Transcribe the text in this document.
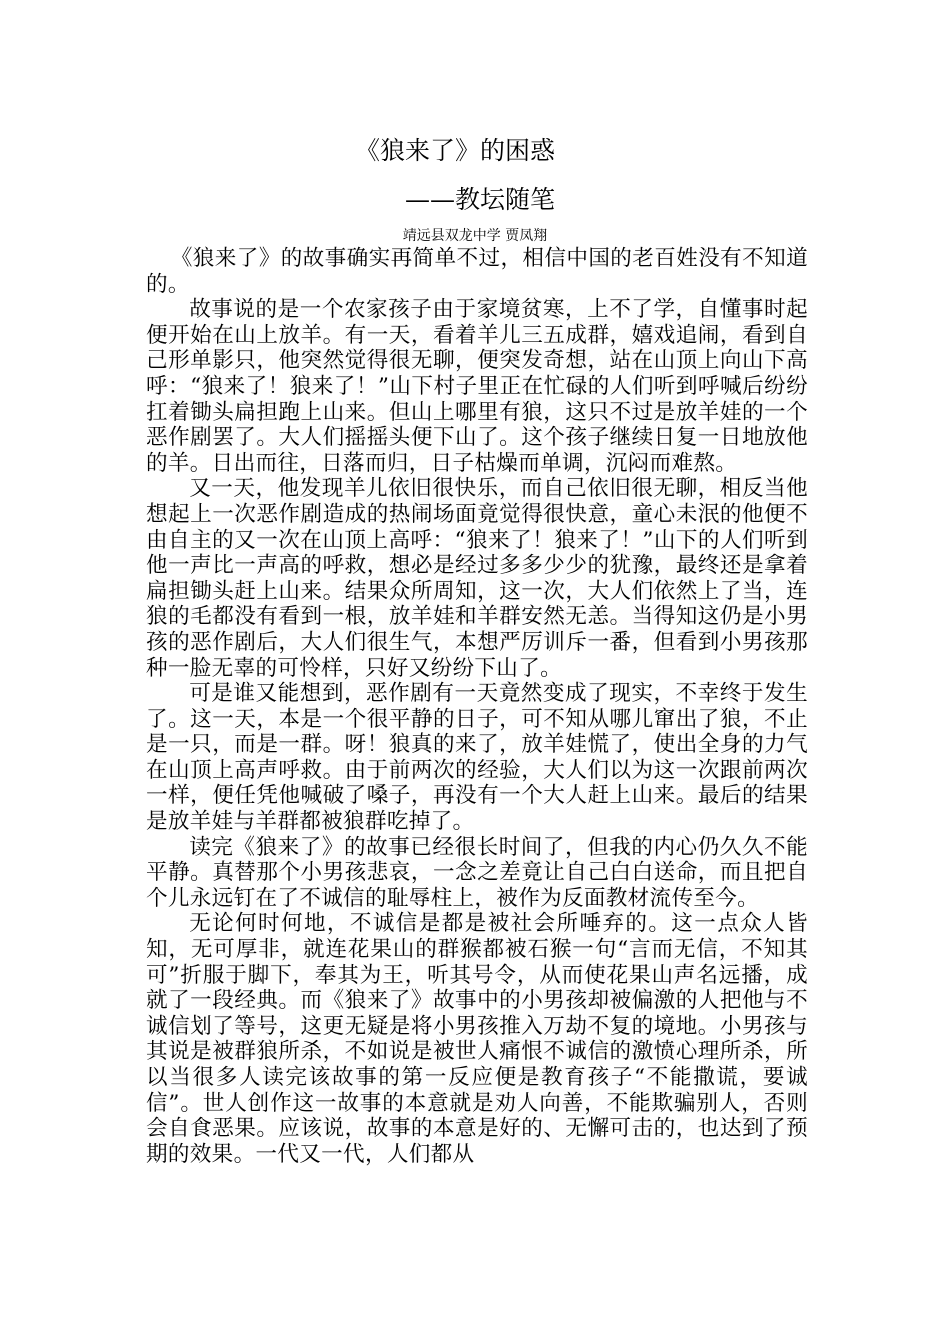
《狼来了》的困惑
——教坛随笔

靖远县双龙中学 贾凤翔

《狼来了》的故事确实再简单不过，相信中国的老百姓没有不知道的。

故事说的是一个农家孩子由于家境贫寒，上不了学，自懂事时起便开始在山上放羊。有一天，看着羊儿三五成群，嬉戏追闹，看到自己形单影只，他突然觉得很无聊，便突发奇想，站在山顶上向山下高呼：“狼来了！狼来了！”山下村子里正在忙碌的人们听到呼喊后纷纷扛着锄头扁担跑上山来。但山上哪里有狼，这只不过是放羊娃的一个恶作剧罢了。大人们摇摇头便下山了。这个孩子继续日复一日地放他的羊。日出而往，日落而归，日子枯燥而单调，沉闷而难熬。

又一天，他发现羊儿依旧很快乐，而自己依旧很无聊，相反当他想起上一次恶作剧造成的热闹场面竟觉得很快意，童心未泯的他便不由自主的又一次在山顶上高呼：“狼来了！狼来了！”山下的人们听到他一声比一声高的呼救，想必是经过多多少少的犹豫，最终还是拿着扁担锄头赶上山来。结果众所周知，这一次，大人们依然上了当，连狼的毛都没有看到一根，放羊娃和羊群安然无恙。当得知这仍是小男孩的恶作剧后，大人们很生气，本想严厉训斥一番，但看到小男孩那种一脸无辜的可怜样，只好又纷纷下山了。

可是谁又能想到，恶作剧有一天竟然变成了现实，不幸终于发生了。这一天，本是一个很平静的日子，可不知从哪儿窜出了狼，不止是一只，而是一群。呀！狼真的来了，放羊娃慌了，使出全身的力气在山顶上高声呼救。由于前两次的经验，大人们以为这一次跟前两次一样，便任凭他喊破了嗓子，再没有一个大人赶上山来。最后的结果是放羊娃与羊群都被狼群吃掉了。

读完《狼来了》的故事已经很长时间了，但我的内心仍久久不能平静。真替那个小男孩悲哀，一念之差竟让自己白白送命，而且把自个儿永远钉在了不诚信的耻辱柱上，被作为反面教材流传至今。

无论何时何地，不诚信是都是被社会所唾弃的。这一点众人皆知，无可厚非，就连花果山的群猴都被石猴一句“言而无信，不知其可”折服于脚下，奉其为王，听其号令，从而使花果山声名远播，成就了一段经典。而《狼来了》故事中的小男孩却被偏激的人把他与不诚信划了等号，这更无疑是将小男孩推入万劫不复的境地。小男孩与其说是被群狼所杀，不如说是被世人痛恨不诚信的激愤心理所杀，所以当很多人读完该故事的第一反应便是教育孩子“不能撒谎，要诚信”。世人创作这一故事的本意就是劝人向善，不能欺骗别人，否则会自食恶果。应该说，故事的本意是好的、无懈可击的，也达到了预期的效果。一代又一代，人们都从
